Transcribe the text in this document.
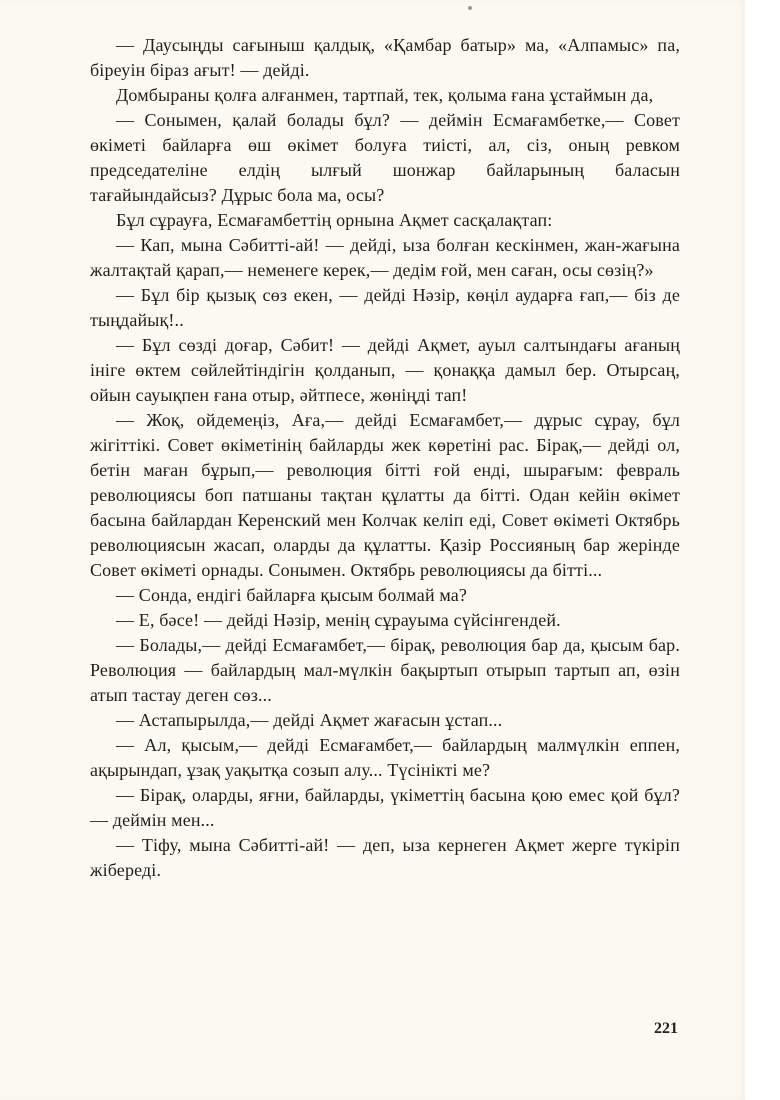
— Даусыңды сағыныш қалдық, «Қамбар батыр» ма, «Алпамыс» па, біреуін біраз ағыт! — дейді.

Домбыраны қолға алғанмен, тартпай, тек, қолыма ғана ұстаймын да,

— Сонымен, қалай болады бұл? — деймін Есмағамбетке,— Совет өкіметі байларға өш өкімет болуға тиісті, ал, сіз, оның ревком председателіне елдің ылғый шонжар байларының баласын тағайындайсыз? Дұрыс бола ма, осы?

Бұл сұрауға, Есмағамбеттің орнына Ақмет сасқалақтап:

— Кап, мына Сәбитті-ай! — дейді, ыза болған кескінмен, жан-жағына жалтақтай қарап,— неменеге керек,— дедім ғой, мен саған, осы сөзің?»

— Бұл бір қызық сөз екен, — дейді Нәзір, көңіл аударға ғап,— біз де тыңдайық!..

— Бұл сөзді доғар, Сәбит! — дейді Ақмет, ауыл салтындағы ағаның ініге өктем сөйлейтіндігін қолданып, — қонаққа дамыл бер. Отырсаң, ойын сауықпен ғана отыр, әйтпесе, жөніңді тап!

— Жоқ, ойдемеңіз, Аға,— дейді Есмағамбет,— дұрыс сұрау, бұл жігіттікі. Совет өкіметінің байларды жек көретіні рас. Бірақ,— дейді ол, бетін маған бұрып,— революция бітті ғой енді, шырағым: февраль революциясы боп патшаны тақтан құлатты да бітті. Одан кейін өкімет басына байлардан Керенский мен Колчак келіп еді, Совет өкіметі Октябрь революциясын жасап, оларды да құлатты. Қазір Россияның бар жерінде Совет өкіметі орнады. Сонымен. Октябрь революциясы да бітті...

— Сонда, ендігі байларға қысым болмай ма?

— Е, бәсе! — дейді Нәзір, менің сұрауыма сүйсінгендей.

— Болады,— дейді Есмағамбет,— бірақ, революция бар да, қысым бар. Революция — байлардың мал-мүлкін бақыртып отырып тартып ап, өзін атып тастау деген сөз...

— Астапырылда,— дейді Ақмет жағасын ұстап...

— Ал, қысым,— дейді Есмағамбет,— байлардың малмүлкін еппен, ақырындап, ұзақ уақытқа созып алу... Түсінікті ме?

— Бірақ, оларды, яғни, байларды, үкіметтің басына қою емес қой бұл? — деймін мен...

— Тіфу, мына Сәбитті-ай! — деп, ыза кернеген Ақмет жерге түкіріп жібереді.

221
